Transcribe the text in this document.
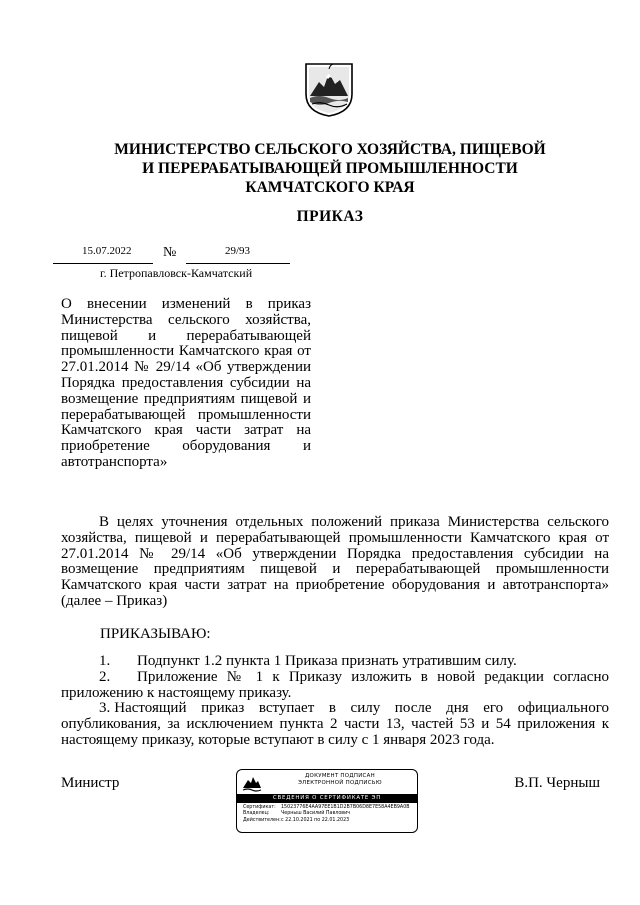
МИНИСТЕРСТВО СЕЛЬСКОГО ХОЗЯЙСТВА, ПИЩЕВОЙ
И ПЕРЕРАБАТЫВАЮЩЕЙ ПРОМЫШЛЕННОСТИ
КАМЧАТСКОГО КРАЯ
ПРИКАЗ
15.07.2022 №	29/93
г. Петропавловск-Камчатский
О внесении изменений в приказ Министерства сельского хозяйства, пищевой и перерабатывающей промышленности Камчатского края от 27.01.2014 № 29/14 «Об утверждении Порядка предоставления субсидии на возмещение предприятиям пищевой и перерабатывающей промышленности Камчатского края части затрат на приобретение оборудования и автотранспорта»

В целях уточнения отдельных положений приказа Министерства сельского хозяйства, пищевой и перерабатывающей промышленности Камчатского края от 27.01.2014 № 29/14 «Об утверждении Порядка предоставления субсидии на возмещение предприятиям пищевой и перерабатывающей промышленности Камчатского края части затрат на приобретение оборудования и автотранспорта» (далее – Приказ)

ПРИКАЗЫВАЮ:

1. Подпункт 1.2 пункта 1 Приказа признать утратившим силу.

2. Приложение № 1 к Приказу изложить в новой редакции согласно приложению к настоящему приказу.

3. Настоящий приказ вступает в силу после дня его официального опубликования, за исключением пункта 2 части 13, частей 53 и 54 приложения к настоящему приказу, которые вступают в силу с 1 января 2023 года.

Министр	В.П. Черныш
ДОКУМЕНТ ПОДПИСАН
ЭЛЕКТРОННОЙ ПОДПИСЬЮ
СВЕДЕНИЯ О СЕРТИФИКАТЕ ЭП
Сертификат: 15023776E4AA97EE1B1D2B7B06D8E7E58A4EB9A0B
Владелец: Черныш Василий Павлович
Действителен:с 22.10.2021 по 22.01.2023
